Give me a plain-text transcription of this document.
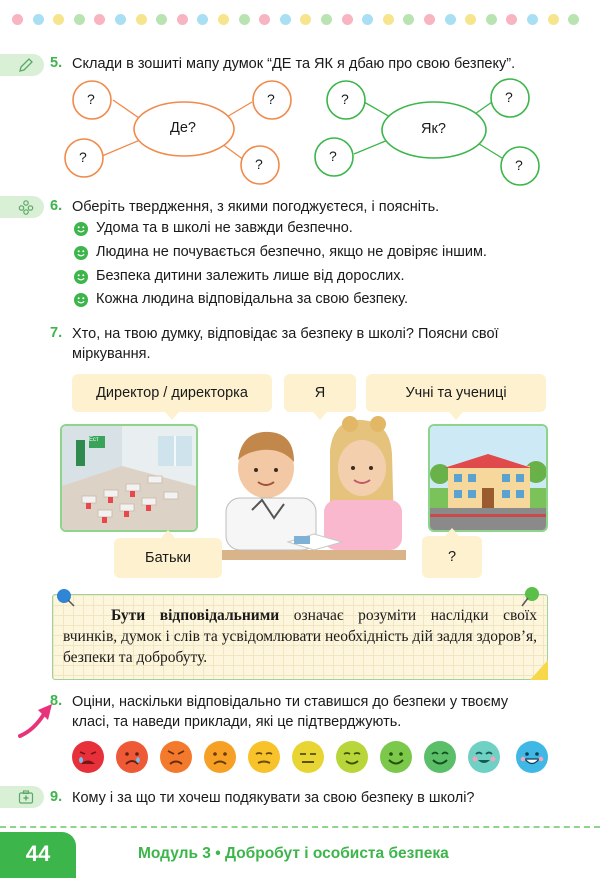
5. Склади в зошиті мапу думок “ДЕ та ЯК я дбаю про свою безпеку”.
Де?
?	?
?	?
Як?
?	?
?
?
6. Оберіть твердження, з якими погоджуєтеся, і поясніть.
Удома та в школі не завжди безпечно.
Людина не почувається безпечно, якщо не довіряє іншим.
Безпека дитини залежить лише від дорослих.
Кожна людина відповідальна за свою безпеку.
7. Хто, на твою думку, відповідає за безпеку в школі? Поясни свої
міркування.
Директор / директорка	Я	Учні та учениці
Ест
Батьки	?
Бути відповідальними означає розуміти наслідки своїх вчинків, думок і слів та усвідомлювати необхідність дій задля здоров’я, безпеки та добробуту.
8. Оціни, наскільки відповідально ти ставишся до безпеки у твоєму
класі, та наведи приклади, які це підтверджують.
9. Кому і за що ти хочеш подякувати за свою безпеку в школі?
44	Модуль 3 • Добробут і особиста безпека
